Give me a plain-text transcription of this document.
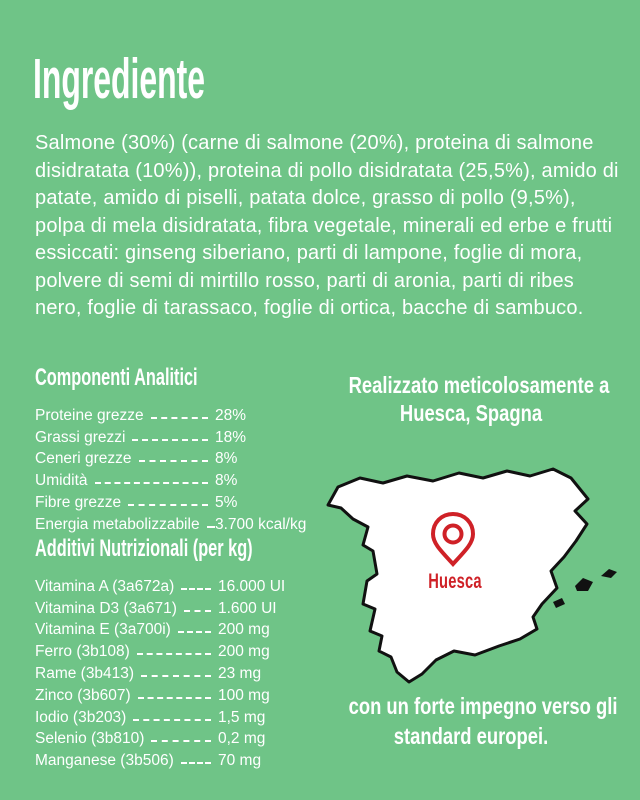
Ingrediente

Salmone (30%) (carne di salmone (20%), proteina di salmone disidratata (10%)), proteina di pollo disidratata (25,5%), amido di patate, amido di piselli, patata dolce, grasso di pollo (9,5%), polpa di mela disidratata, fibra vegetale, minerali ed erbe e frutti essiccati: ginseng siberiano, parti di lampone, foglie di mora, polvere di semi di mirtillo rosso, parti di aronia, parti di ribes nero, foglie di tarassaco, foglie di ortica, bacche di sambuco.

Componenti Analitici
Proteine grezze	28%
Grassi grezzi	18%
Ceneri grezze	8%
Umidità	8%
Fibre grezze	5%
Energia metabolizzabile 3.700 kcal/kg
Additivi Nutrizionali (per kg)
Vitamina A (3a672a)	16.000 UI
Vitamina D3 (3a671)	1.600 UI
Vitamina E (3a700i)	200 mg
Ferro (3b108)	200 mg
Rame (3b413)	23 mg
Zinco (3b607)	100 mg
Iodio (3b203)	1,5 mg
Selenio (3b810)	0,2 mg
Manganese (3b506)	70 mg
Realizzato meticolosamente a
Huesca, Spagna
Huesca

con un forte impegno verso gli
standard europei.
